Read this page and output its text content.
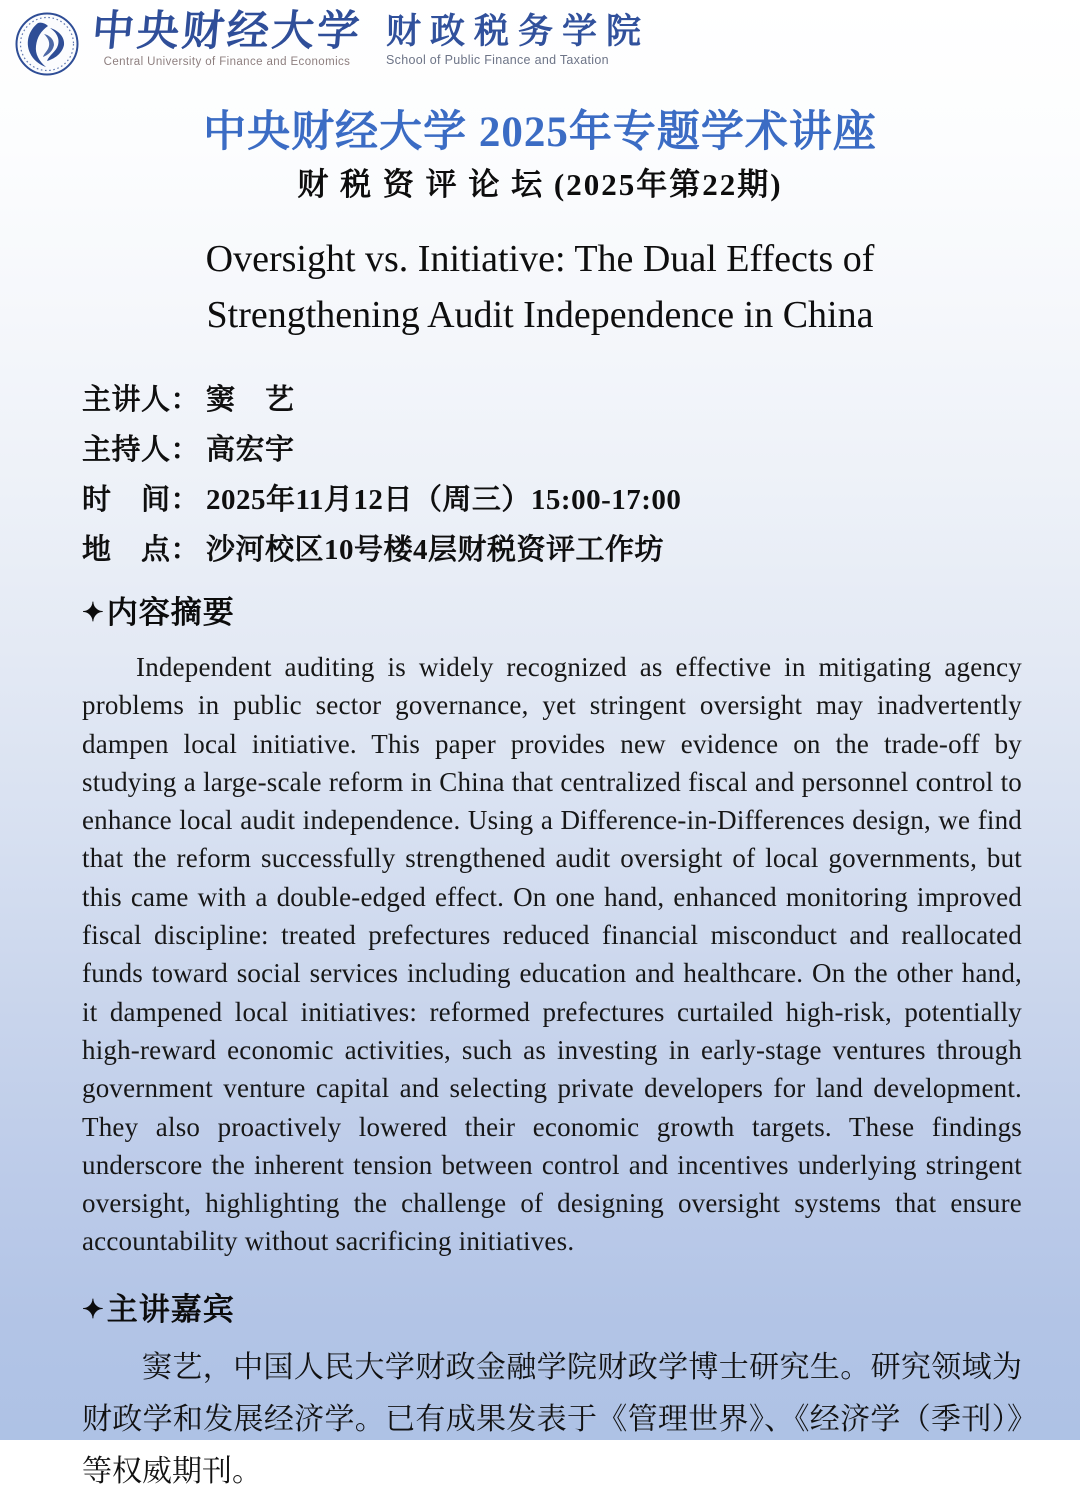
中央财经大学
Central University of Finance and Economics
财政税务学院
School of Public Finance and Taxation
中央财经大学 2025年专题学术讲座
财 税 资 评 论 坛 (2025年第22期)
Oversight vs. Initiative: The Dual Effects of
Strengthening Audit Independence in China
主讲人： 窦　艺
主持人： 高宏宇
时　间： 2025年11月12日（周三）15:00-17:00
地　点： 沙河校区10号楼4层财税资评工作坊
✦内容摘要
Independent auditing is widely recognized as effective in mitigating agency problems in public sector governance, yet stringent oversight may inadvertently dampen local initiative. This paper provides new evidence on the trade-off by studying a large-scale reform in China that centralized fiscal and personnel control to enhance local audit independence. Using a Difference-in-Differences design, we find that the reform successfully strengthened audit oversight of local governments, but this came with a double-edged effect. On one hand, enhanced monitoring improved fiscal discipline: treated prefectures reduced financial misconduct and reallocated funds toward social services including education and healthcare. On the other hand, it dampened local initiatives: reformed prefectures curtailed high-risk, potentially high-reward economic activities, such as investing in early-stage ventures through government venture capital and selecting private developers for land development. They also proactively lowered their economic growth targets. These findings underscore the inherent tension between control and incentives underlying stringent oversight, highlighting the challenge of designing oversight systems that ensure accountability without sacrificing initiatives.
✦主讲嘉宾
窦艺，中国人民大学财政金融学院财政学博士研究生。研究领域为财政学和发展经济学。已有成果发表于《管理世界》、《经济学（季刊）》等权威期刊。
